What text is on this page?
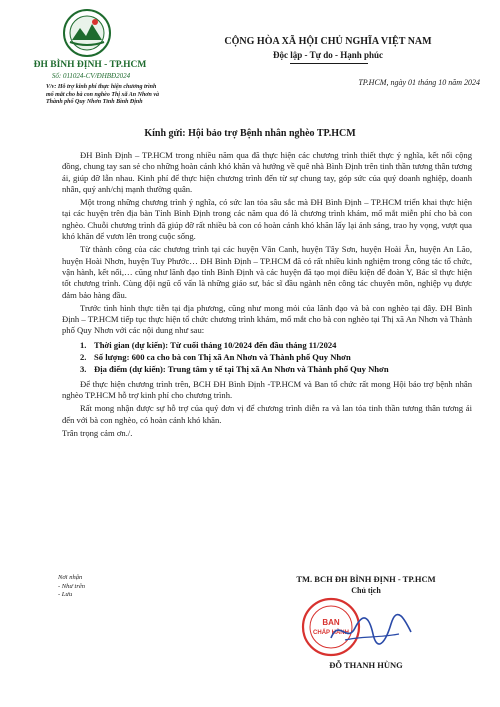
ĐH BÌNH ĐỊNH - TP.HCM
Số: 011024-CV/ĐHBĐ2024
V/v: Hỗ trợ kinh phí thực hiện chương trình mổ mắt cho bà con nghèo Thị xã An Nhơn và Thành phố Quy Nhơn Tỉnh Bình Định
CỘNG HÒA XÃ HỘI CHỦ NGHĨA VIỆT NAM
Độc lập - Tự do - Hạnh phúc
TP.HCM, ngày 01 tháng 10 năm 2024
Kính gửi: Hội bảo trợ Bệnh nhân nghèo TP.HCM

ĐH Bình Định – TP.HCM trong nhiều năm qua đã thực hiện các chương trình thiết thực ý nghĩa, kết nối cộng đồng, chung tay san sẻ cho những hoàn cảnh khó khăn và hướng về quê nhà Bình Định trên tinh thần tương thân tương ái, giúp đỡ lẫn nhau. Kinh phí để thực hiện chương trình đến từ sự chung tay, góp sức của quý doanh nghiệp, doanh nhân, quý anh/chị mạnh thường quân.

Một trong những chương trình ý nghĩa, có sức lan tỏa sâu sắc mà ĐH Bình Định – TP.HCM triển khai thực hiện tại các huyện trên địa bàn Tỉnh Bình Định trong các năm qua đó là chương trình khám, mổ mắt miễn phí cho bà con nghèo. Chuỗi chương trình đã giúp đỡ rất nhiều bà con có hoàn cảnh khó khăn lấy lại ánh sáng, trao hy vọng, vượt qua khó khăn để vươn lên trong cuộc sống.

Từ thành công của các chương trình tại các huyện Vân Canh, huyện Tây Sơn, huyện Hoài Ân, huyện An Lão, huyện Hoài Nhơn, huyện Tuy Phước… ĐH Bình Định – TP.HCM đã có rất nhiều kinh nghiệm trong công tác tổ chức, vận hành, kết nối,… cũng như lãnh đạo tỉnh Bình Định và các huyện đã tạo mọi điều kiện để đoàn Y, Bác sĩ thực hiện tốt chương trình. Cùng đội ngũ cố vấn là những giáo sư, bác sĩ đầu ngành nên công tác chuyên môn, nghiệp vụ được đảm bảo hàng đầu.

Trước tình hình thực tiễn tại địa phương, cũng như mong mỏi của lãnh đạo và bà con nghèo tại đây. ĐH Bình Định – TP.HCM tiếp tục thực hiện tổ chức chương trình khám, mổ mắt cho bà con nghèo tại Thị xã An Nhơn và Thành phố Quy Nhơn với các nội dung như sau:

1. Thời gian (dự kiến): Từ cuối tháng 10/2024 đến đầu tháng 11/2024
2. Số lượng: 600 ca cho bà con Thị xã An Nhơn và Thành phố Quy Nhơn
3. Địa điểm (dự kiến): Trung tâm y tế tại Thị xã An Nhơn và Thành phố Quy Nhơn

Để thực hiện chương trình trên, BCH ĐH Bình Định -TP.HCM và Ban tổ chức rất mong Hội bảo trợ bệnh nhân nghèo TP.HCM hỗ trợ kinh phí cho chương trình.

Rất mong nhận được sự hỗ trợ của quý đơn vị để chương trình diễn ra và lan tỏa tinh thần tương thân tương ái đến với bà con nghèo, có hoàn cảnh khó khăn.

Trân trọng cảm ơn./.

Nơi nhận
- Như trên
- Lưu
TM. BCH ĐH BÌNH ĐỊNH - TP.HCM
Chủ tịch
BAN
CHẤP HÀNH
ĐỖ THANH HÙNG
